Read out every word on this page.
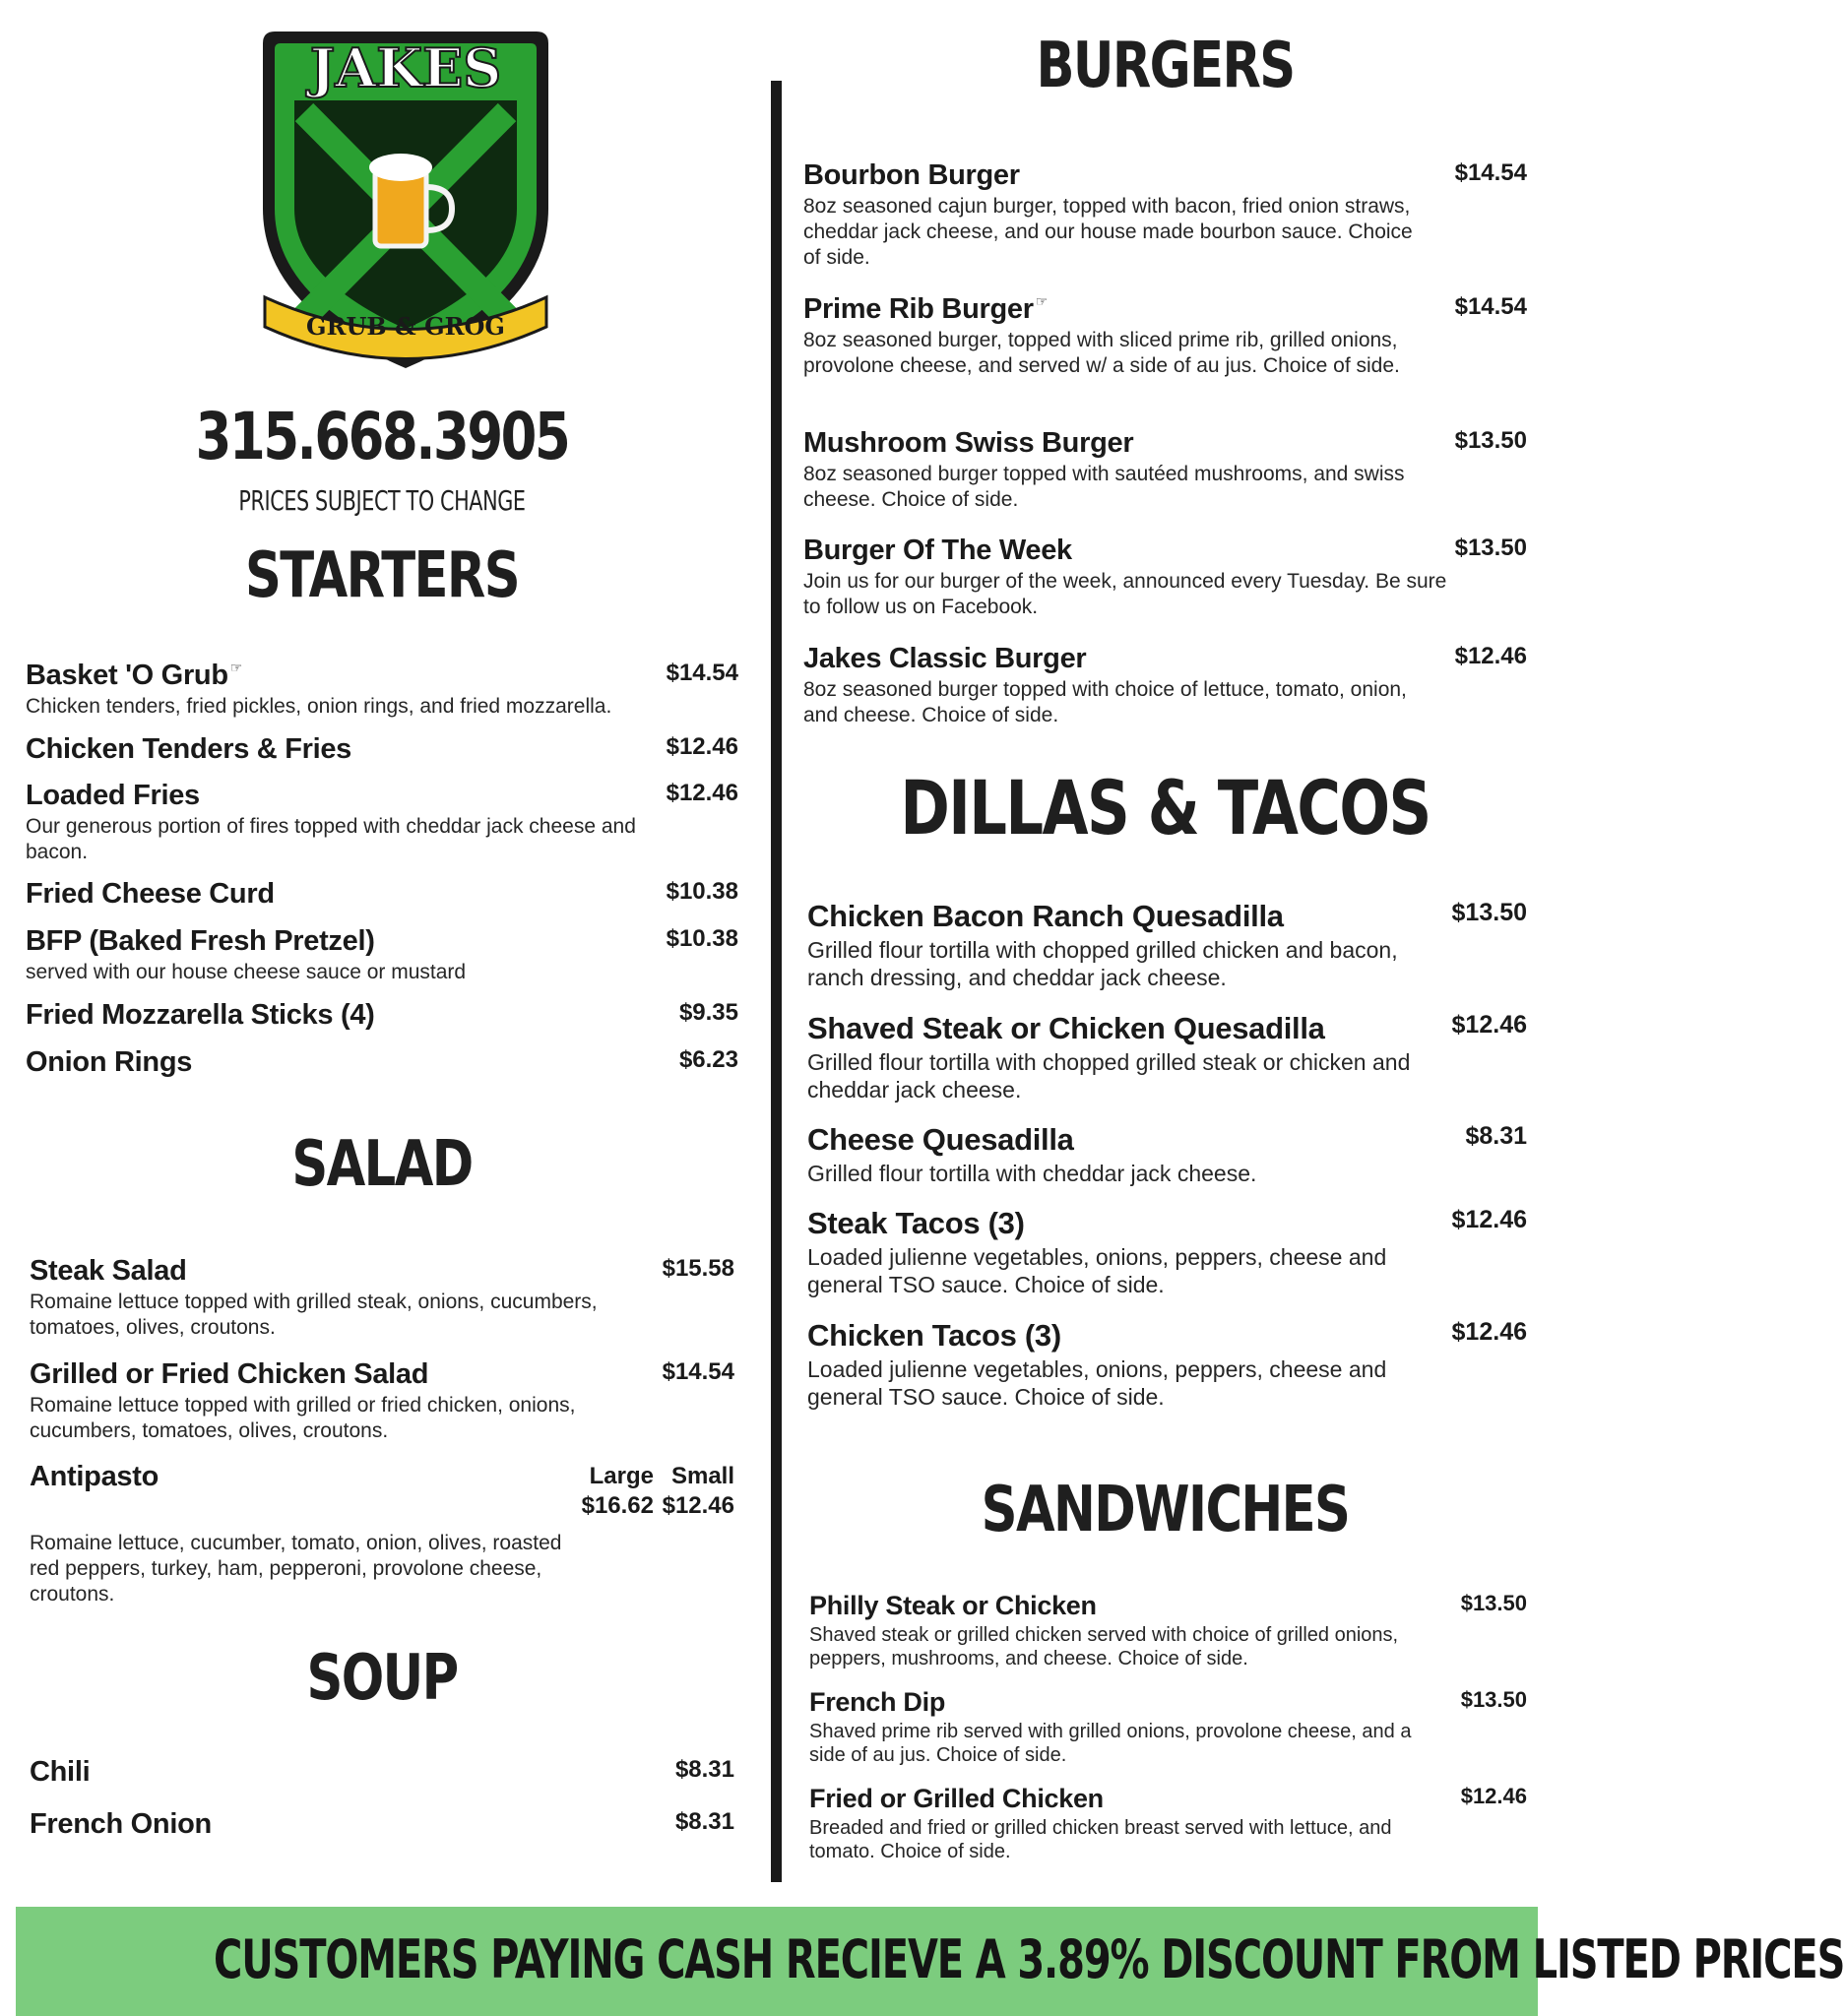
JAKES
GRUB & GROG
315.668.3905
PRICES SUBJECT TO CHANGE
STARTERS
Basket 'O Grub ☞	$14.54
Chicken tenders, fried pickles, onion rings, and fried mozzarella.
Chicken Tenders & Fries	$12.46
Loaded Fries	$12.46
Our generous portion of fires topped with cheddar jack cheese and bacon.
Fried Cheese Curd	$10.38
BFP (Baked Fresh Pretzel)	$10.38
served with our house cheese sauce or mustard
Fried Mozzarella Sticks (4)	$9.35
Onion Rings	$6.23
SALAD
Steak Salad	$15.58
Romaine lettuce topped with grilled steak, onions, cucumbers, tomatoes, olives, croutons.
Grilled or Fried Chicken Salad	$14.54
Romaine lettuce topped with grilled or fried chicken, onions, cucumbers, tomatoes, olives, croutons.
Antipasto	Large Small
$16.62 $12.46
Romaine lettuce, cucumber, tomato, onion, olives, roasted red peppers, turkey, ham, pepperoni, provolone cheese, croutons.
SOUP
Chili	$8.31
French Onion	$8.31
BURGERS
Bourbon Burger	$14.54
8oz seasoned cajun burger, topped with bacon, fried onion straws, cheddar jack cheese, and our house made bourbon sauce. Choice of side.
Prime Rib Burger ☞	$14.54
8oz seasoned burger, topped with sliced prime rib, grilled onions, provolone cheese, and served w/ a side of au jus. Choice of side.
Mushroom Swiss Burger	$13.50
8oz seasoned burger topped with sautéed mushrooms, and swiss cheese. Choice of side.
Burger Of The Week	$13.50
Join us for our burger of the week, announced every Tuesday. Be sure to follow us on Facebook.
Jakes Classic Burger	$12.46
8oz seasoned burger topped with choice of lettuce, tomato, onion, and cheese. Choice of side.
DILLAS & TACOS
Chicken Bacon Ranch Quesadilla	$13.50
Grilled flour tortilla with chopped grilled chicken and bacon, ranch dressing, and cheddar jack cheese.
Shaved Steak or Chicken Quesadilla	$12.46
Grilled flour tortilla with chopped grilled steak or chicken and cheddar jack cheese.
Cheese Quesadilla	$8.31
Grilled flour tortilla with cheddar jack cheese.
Steak Tacos (3)	$12.46
Loaded julienne vegetables, onions, peppers, cheese and general TSO sauce. Choice of side.
Chicken Tacos (3)	$12.46
Loaded julienne vegetables, onions, peppers, cheese and general TSO sauce. Choice of side.
SANDWICHES
Philly Steak or Chicken	$13.50
Shaved steak or grilled chicken served with choice of grilled onions, peppers, mushrooms, and cheese. Choice of side.
French Dip	$13.50
Shaved prime rib served with grilled onions, provolone cheese, and a side of au jus. Choice of side.
Fried or Grilled Chicken	$12.46
Breaded and fried or grilled chicken breast served with lettuce, and tomato. Choice of side.
CUSTOMERS PAYING CASH RECIEVE A 3.89% DISCOUNT FROM LISTED PRICES
